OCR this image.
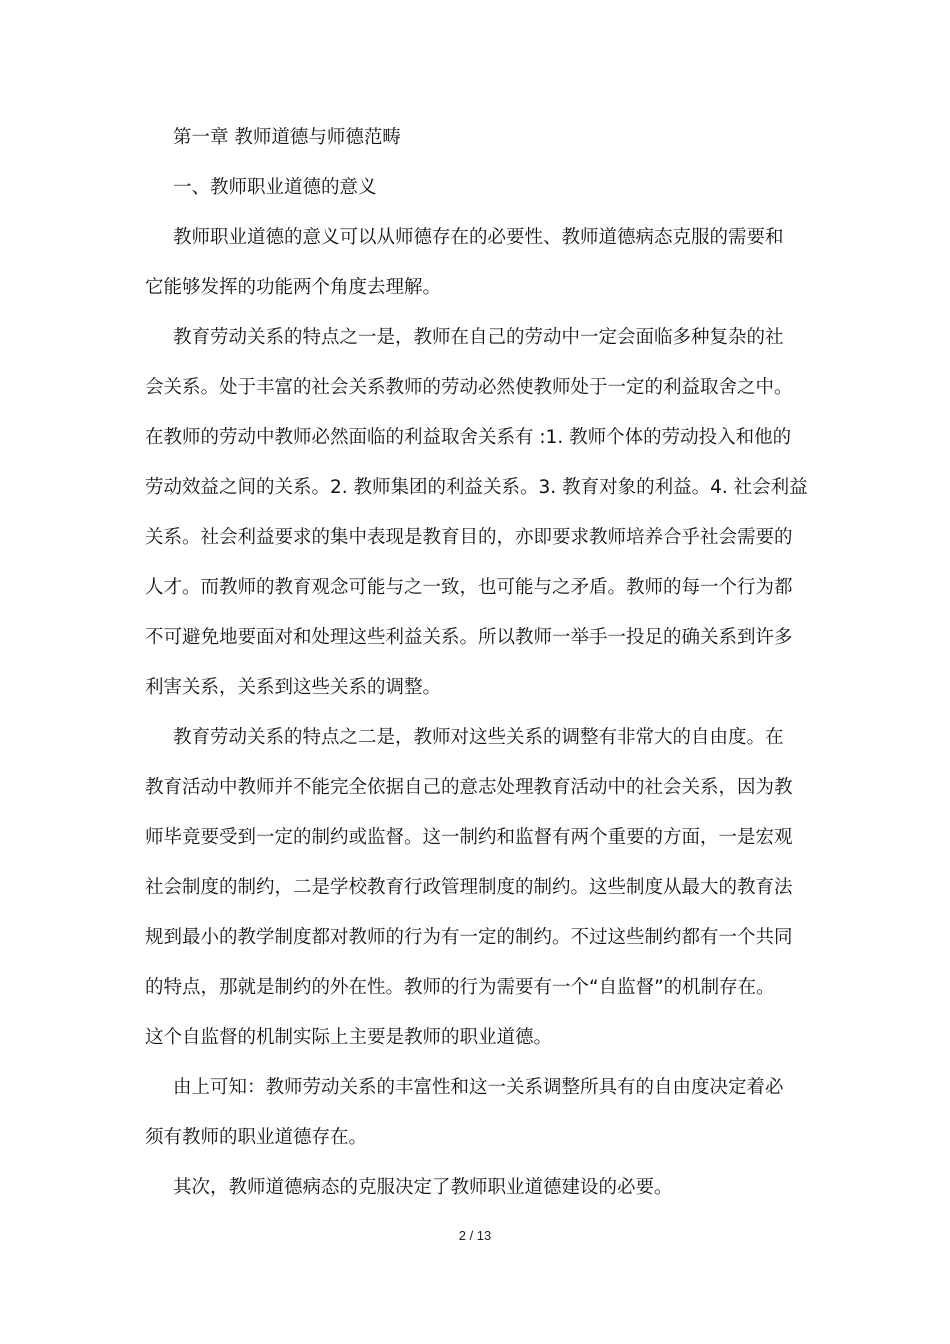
第一章 教师道德与师德范畴

一、教师职业道德的意义

教师职业道德的意义可以从师德存在的必要性、教师道德病态克服的需要和

它能够发挥的功能两个角度去理解。

教育劳动关系的特点之一是，教师在自己的劳动中一定会面临多种复杂的社

会关系。处于丰富的社会关系教师的劳动必然使教师处于一定的利益取舍之中。

在教师的劳动中教师必然面临的利益取舍关系有 :1. 教师个体的劳动投入和他的

劳动效益之间的关系。2. 教师集团的利益关系。3. 教育对象的利益。4. 社会利益

关系。社会利益要求的集中表现是教育目的，亦即要求教师培养合乎社会需要的

人才。而教师的教育观念可能与之一致，也可能与之矛盾。教师的每一个行为都

不可避免地要面对和处理这些利益关系。所以教师一举手一投足的确关系到许多

利害关系，关系到这些关系的调整。

教育劳动关系的特点之二是，教师对这些关系的调整有非常大的自由度。在

教育活动中教师并不能完全依据自己的意志处理教育活动中的社会关系，因为教

师毕竟要受到一定的制约或监督。这一制约和监督有两个重要的方面，一是宏观

社会制度的制约，二是学校教育行政管理制度的制约。这些制度从最大的教育法

规到最小的教学制度都对教师的行为有一定的制约。不过这些制约都有一个共同

的特点，那就是制约的外在性。教师的行为需要有一个“自监督”的机制存在。

这个自监督的机制实际上主要是教师的职业道德。

由上可知：教师劳动关系的丰富性和这一关系调整所具有的自由度决定着必

须有教师的职业道德存在。

其次，教师道德病态的克服决定了教师职业道德建设的必要。

2 / 13
